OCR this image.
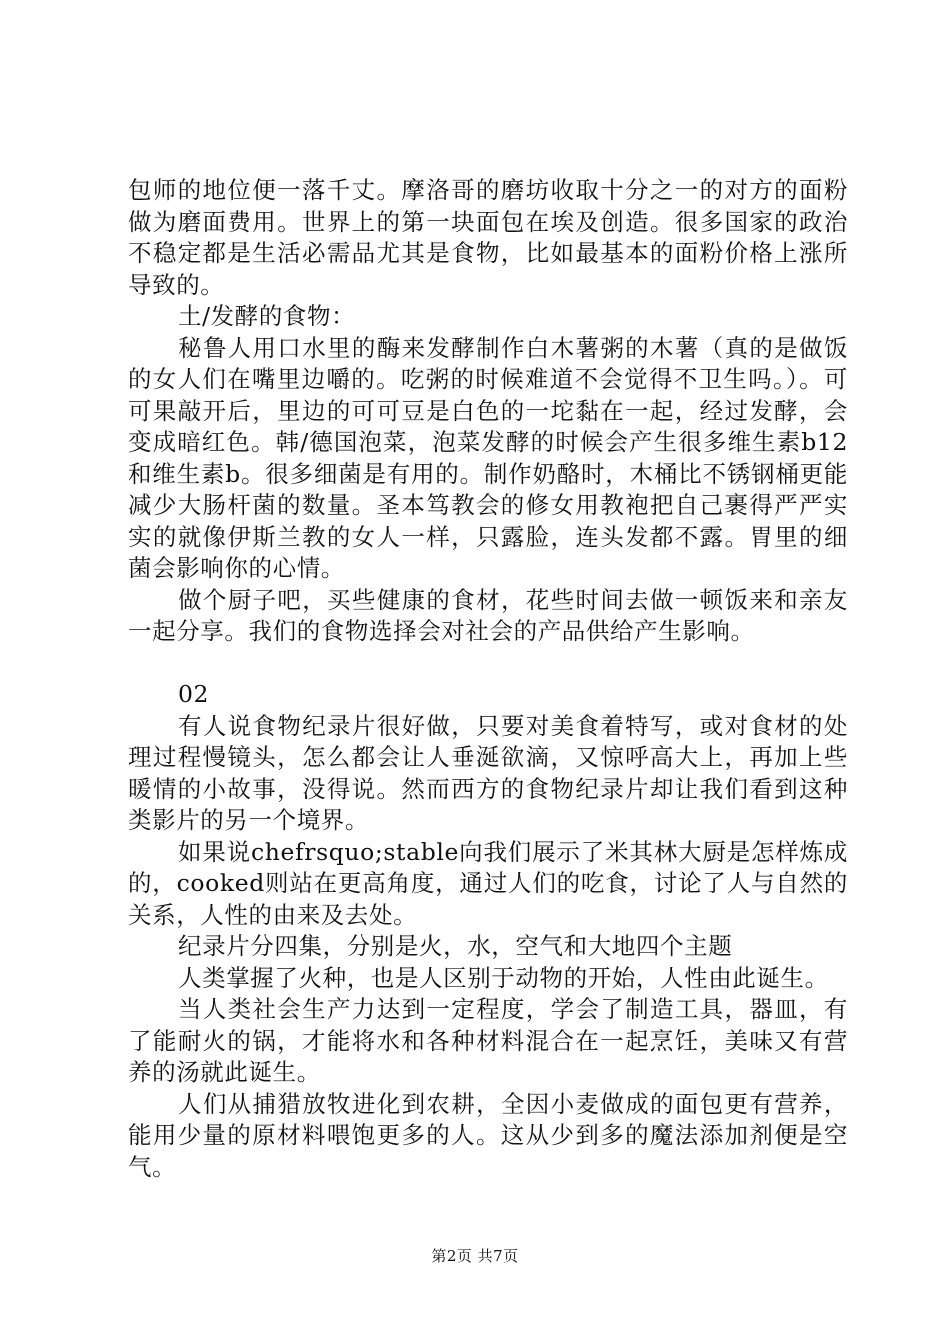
包师的地位便一落千丈。摩洛哥的磨坊收取十分之一的对方的面粉做为磨面费用。世界上的第一块面包在埃及创造。很多国家的政治不稳定都是生活必需品尤其是食物，比如最基本的面粉价格上涨所导致的。

土/发酵的食物：

秘鲁人用口水里的酶来发酵制作白木薯粥的木薯（真的是做饭的女人们在嘴里边嚼的。吃粥的时候难道不会觉得不卫生吗。）。可可果敲开后，里边的可可豆是白色的一坨黏在一起，经过发酵，会变成暗红色。韩/德国泡菜，泡菜发酵的时候会产生很多维生素b12和维生素b。很多细菌是有用的。制作奶酪时，木桶比不锈钢桶更能减少大肠杆菌的数量。圣本笃教会的修女用教袍把自己裹得严严实实的就像伊斯兰教的女人一样，只露脸，连头发都不露。胃里的细菌会影响你的心情。

做个厨子吧，买些健康的食材，花些时间去做一顿饭来和亲友一起分享。我们的食物选择会对社会的产品供给产生影响。

02

有人说食物纪录片很好做，只要对美食着特写，或对食材的处理过程慢镜头，怎么都会让人垂涎欲滴，又惊呼高大上，再加上些暖情的小故事，没得说。然而西方的食物纪录片却让我们看到这种类影片的另一个境界。

如果说chefrsquo;stable向我们展示了米其林大厨是怎样炼成的，cooked则站在更高角度，通过人们的吃食，讨论了人与自然的关系，人性的由来及去处。

纪录片分四集，分别是火，水，空气和大地四个主题

人类掌握了火种，也是人区别于动物的开始，人性由此诞生。

当人类社会生产力达到一定程度，学会了制造工具，器皿，有了能耐火的锅，才能将水和各种材料混合在一起烹饪，美味又有营养的汤就此诞生。

人们从捕猎放牧进化到农耕，全因小麦做成的面包更有营养，能用少量的原材料喂饱更多的人。这从少到多的魔法添加剂便是空气。

第2页 共7页
